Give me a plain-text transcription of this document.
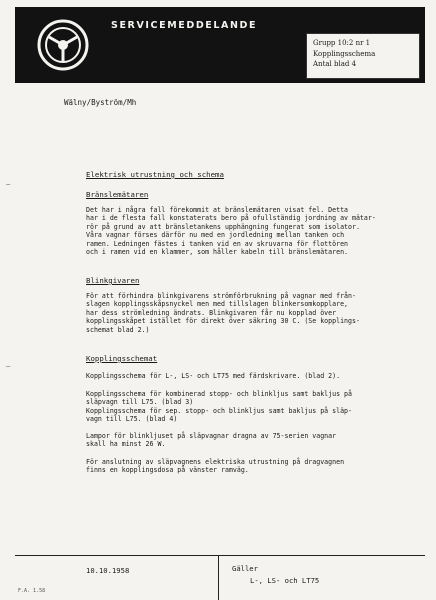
SERVICEMEDDELANDE
Grupp 10:2 nr 1
Kopplingsschema
Antal blad 4
Wälny/Byström/Mh
–
Elektrisk utrustning och schema
Bränslemätaren
Det har i några fall förekommit at bränslemätaren visat fel. Detta
har i de flesta fall konstaterats bero på ofullständig jordning av mätar-
rör på grund av att bränsletankens upphängning fungerat som isolator.
Våra vagnar förses därför nu med en jordledning mellan tanken och
ramen. Ledningen fästes i tanken vid en av skruvarna för flottören
och i ramen vid en klammer, som håller kabeln till bränslemätaren.
Blinkgivaren
För att förhindra blinkgivarens strömförbrukning på vagnar med från-
slagen kopplingsskåpsnyckel men med tillslagen blinkersomkopplare,
har dess strömledning ändrats. Blinkgivaren får nu kopplad över
kopplingsskåpet istället för direkt över säkring 30 C. (Se kopplings-
schemat blad 2.)
–
Kopplingsschemat
Kopplingsschema för L-, LS- och LT75 med färdskrivare. (blad 2).
Kopplingsschema för kombinerad stopp- och blinkljus samt bakljus på
släpvagn till L75. (blad 3)
Kopplingsschema för sep. stopp- och blinkljus samt bakljus på släp-
vagn till L75. (blad 4)
Lampor för blinkljuset på släpvagnar dragna av 75-serien vagnar
skall ha minst 26 W.
För anslutning av släpvagnens elektriska utrustning på dragvagnen
finns en kopplingsdosa på vänster ramväg.
10.10.1958	Gäller
L-, LS- och LT75
F.A. 1.58
